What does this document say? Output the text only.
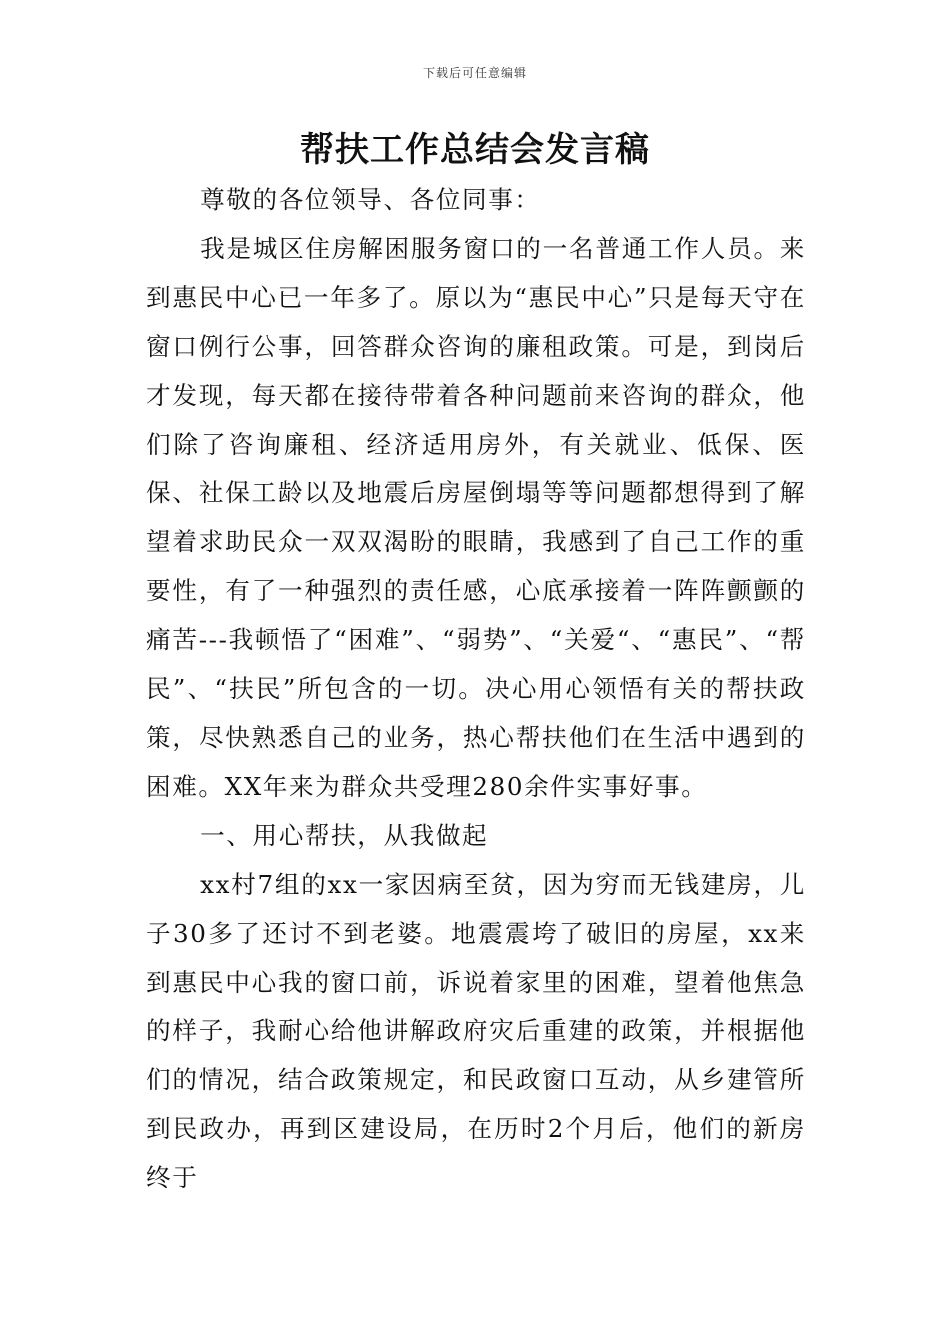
下载后可任意编辑
帮扶工作总结会发言稿

尊敬的各位领导、各位同事：

我是城区住房解困服务窗口的一名普通工作人员。来到惠民中心已一年多了。原以为“惠民中心”只是每天守在窗口例行公事，回答群众咨询的廉租政策。可是，到岗后才发现，每天都在接待带着各种问题前来咨询的群众，他们除了咨询廉租、经济适用房外，有关就业、低保、医保、社保工龄以及地震后房屋倒塌等等问题都想得到了解望着求助民众一双双渴盼的眼睛，我感到了自己工作的重要性，有了一种强烈的责任感，心底承接着一阵阵颤颤的痛苦---我顿悟了“困难”、“弱势”、“关爱“、“惠民”、“帮民”、“扶民”所包含的一切。决心用心领悟有关的帮扶政策，尽快熟悉自己的业务，热心帮扶他们在生活中遇到的困难。XX年来为群众共受理280余件实事好事。

一、用心帮扶，从我做起

xx村7组的xx一家因病至贫，因为穷而无钱建房，儿子30多了还讨不到老婆。地震震垮了破旧的房屋，xx来到惠民中心我的窗口前，诉说着家里的困难，望着他焦急的样子，我耐心给他讲解政府灾后重建的政策，并根据他们的情况，结合政策规定，和民政窗口互动，从乡建管所到民政办，再到区建设局，在历时2个月后，他们的新房终于
